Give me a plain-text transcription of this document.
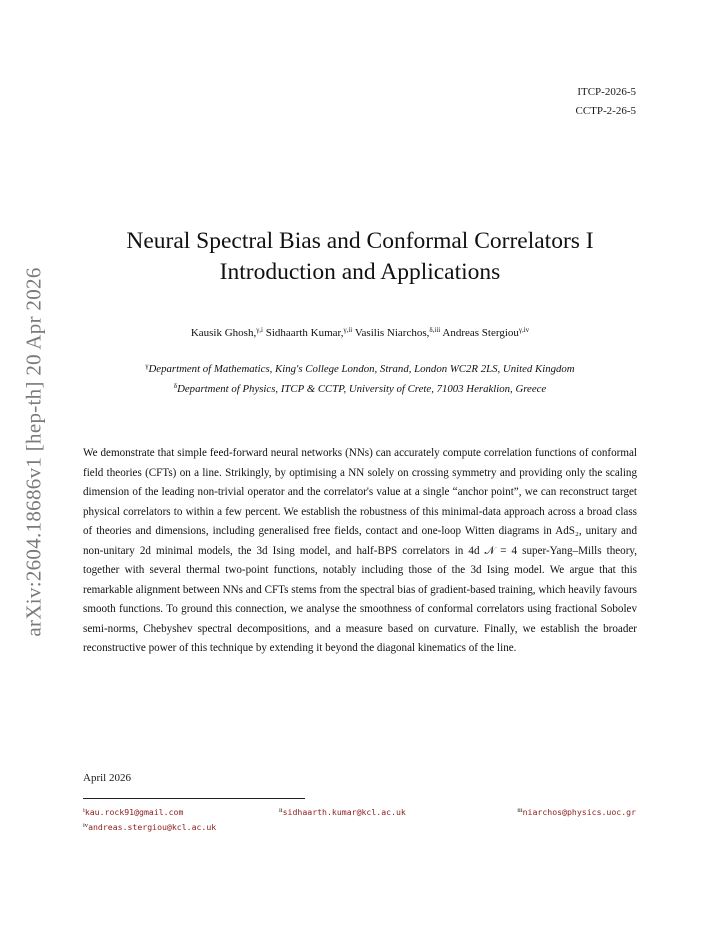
arXiv:2604.18686v1 [hep-th] 20 Apr 2026
ITCP-2026-5
CCTP-2-26-5
Neural Spectral Bias and Conformal Correlators I
Introduction and Applications
Kausik Ghosh,$^{\gamma,i}$ Sidhaarth Kumar,$^{\gamma,ii}$ Vasilis Niarchos,$^{\delta,iii}$ Andreas Stergiou$^{\gamma,iv}$
$^\gamma$Department of Mathematics, King's College London, Strand, London WC2R 2LS, United Kingdom
$^\delta$Department of Physics, ITCP & CCTP, University of Crete, 71003 Heraklion, Greece
We demonstrate that simple feed-forward neural networks (NNs) can accurately compute correlation functions of conformal field theories (CFTs) on a line. Strikingly, by optimising a NN solely on crossing symmetry and providing only the scaling dimension of the leading non-trivial operator and the correlator's value at a single “anchor point”, we can reconstruct target physical correlators to within a few percent. We establish the robustness of this minimal-data approach across a broad class of theories and dimensions, including generalised free fields, contact and one-loop Witten diagrams in AdS₂, unitary and non-unitary 2d minimal models, the 3d Ising model, and half-BPS correlators in 4d 𝒩 = 4 super-Yang–Mills theory, together with several thermal two-point functions, notably including those of the 3d Ising model. We argue that this remarkable alignment between NNs and CFTs stems from the spectral bias of gradient-based training, which heavily favours smooth functions. To ground this connection, we analyse the smoothness of conformal correlators using fractional Sobolev semi-norms, Chebyshev spectral decompositions, and a measure based on curvature. Finally, we establish the broader reconstructive power of this technique by extending it beyond the diagonal kinematics of the line.
April 2026
$^i$kau.rock91@gmail.com	$^{ii}$sidhaarth.kumar@kcl.ac.uk	$^{iii}$niarchos@physics.uoc.gr
$^{iv}$andreas.stergiou@kcl.ac.uk
